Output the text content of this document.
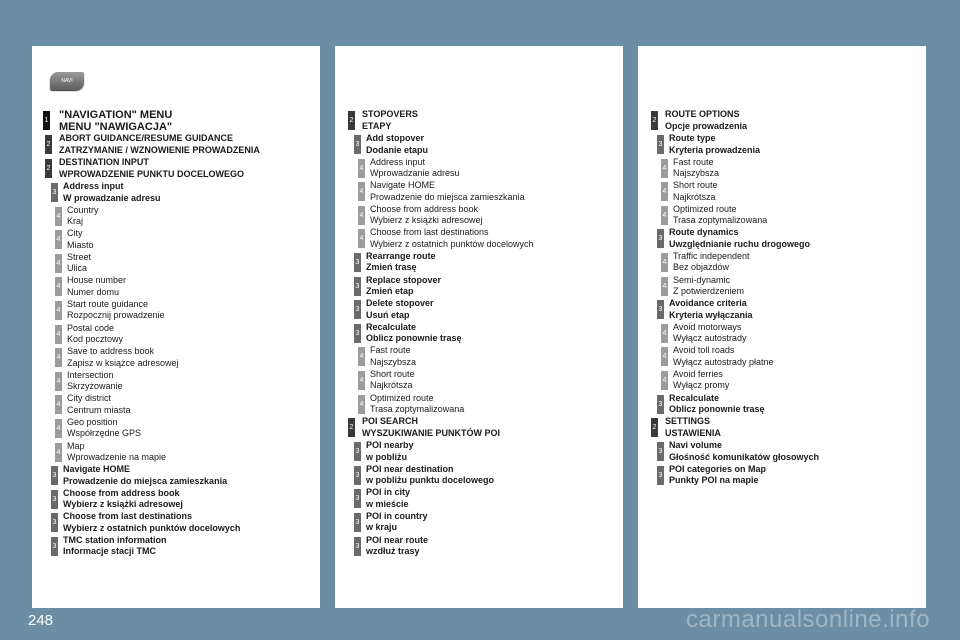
NAVI
1 "NAVIGATION" MENU
MENU "NAWIGACJA"
2
ABORT GUIDANCE/RESUME GUIDANCE
ZATRZYMANIE / WZNOWIENIE PROWADZENIA
2
DESTINATION INPUT
WPROWADZENIE PUNKTU DOCELOWEGO
3
Address input
W prowadzanie adresu
4
Country
Kraj
4
City
Miasto
4
Street
Ulica
4
House number
Numer domu
4
Start route guidance
Rozpocznij prowadzenie
4
Postal code
Kod pocztowy
4
Save to address book
Zapisz w książce adresowej
4
Intersection
Skrzyżowanie
4
City district
Centrum miasta
4
Geo position
Współrzędne GPS
4
Map
Wprowadzenie na mapie
3
Navigate HOME
Prowadzenie do miejsca zamieszkania
3
Choose from address book
Wybierz z książki adresowej
3
Choose from last destinations
Wybierz z ostatnich punktów docelowych
3
TMC station information
Informacje stacji TMC
2
STOPOVERS
ETAPY
3
Add stopover
Dodanie etapu
4
Address input
Wprowadzanie adresu
4
Navigate HOME
Prowadzenie do miejsca zamieszkania
4
Choose from address book
Wybierz z książki adresowej
4
Choose from last destinations
Wybierz z ostatnich punktów docelowych
3
Rearrange route
Zmień trasę
3
Replace stopover
Zmień etap
3
Delete stopover
Usuń etap
3
Recalculate
Oblicz ponownie trasę
4
Fast route
Najszybsza
4
Short route
Najkrótsza
4
Optimized route
Trasa zoptymalizowana
2
POI SEARCH
WYSZUKIWANIE PUNKTÓW POI
3
POI nearby
w pobliżu
3
POI near destination
w pobliżu punktu docelowego
3
POI in city
w mieście
3
POI in country
w kraju
3
POI near route
wzdłuż trasy
2
ROUTE OPTIONS
Opcje prowadzenia
3
Route type
Kryteria prowadzenia
4
Fast route
Najszybsza
4
Short route
Najkrótsza
4
Optimized route
Trasa zoptymalizowana
3
Route dynamics
Uwzględnianie ruchu drogowego
4
Traffic independent
Bez objazdów
4
Semi-dynamic
Z potwierdzeniem
3
Avoidance criteria
Kryteria wyłączania
4
Avoid motorways
Wyłącz autostrady
4
Avoid toll roads
Wyłącz autostrady płatne
4
Avoid ferries
Wyłącz promy
3
Recalculate
Oblicz ponownie trasę
2
SETTINGS
USTAWIENIA
3
Navi volume
Głośność komunikatów głosowych
3
POI categories on Map
Punkty POI na mapie
248	carmanualsonline.info
